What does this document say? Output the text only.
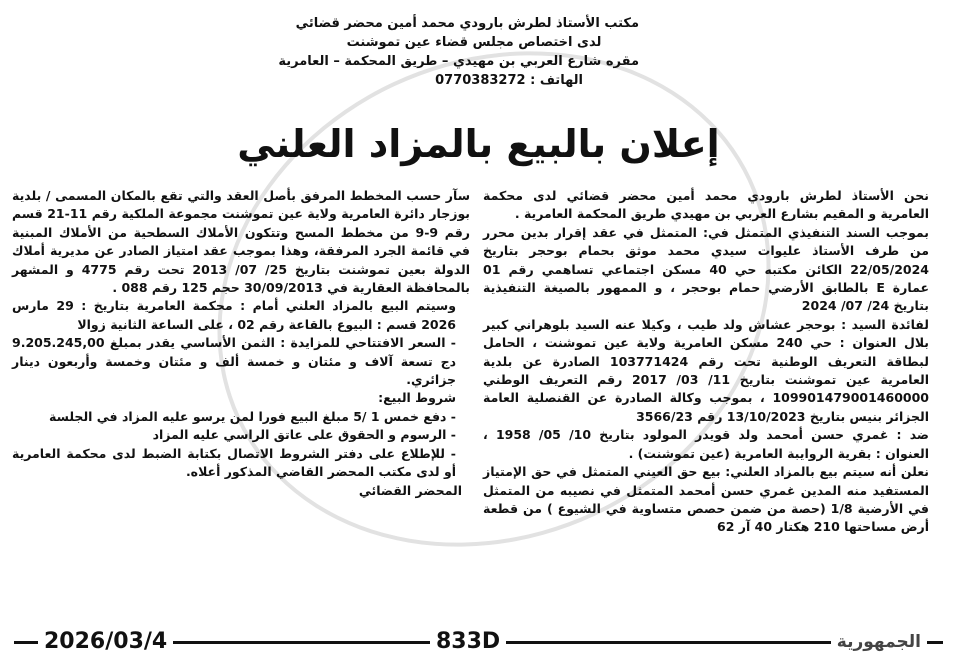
مكتب الأستاذ لطرش بارودي محمد أمين محضر قضائي
لدى اختصاص مجلس قضاء عين تموشنت
مقره شارع العربي بن مهيدي – طريق المحكمة – العامرية
الهاتف : 0770383272
إعلان بالبيع بالمزاد العلني

نحن الأستاذ لطرش بارودي محمد أمين محضر قضائي لدى محكمة العامرية و المقيم بشارع العربي بن مهيدي طريق المحكمة العامرية .

بموجب السند التنفيذي المتمثل في: المتمثل في عقد إقرار بدين محرر من طرف الأستاذ عليوات سيدي محمد موثق بحمام بوحجر بتاريخ 22/05/2024 الكائن مكتبه حي 40 مسكن اجتماعي تساهمي رقم 01 عمارة E بالطابق الأرضي حمام بوحجر ، و الممهور بالصيغة التنفيذية بتاريخ 24/ 07/ 2024

لفائدة السيد : بوحجر عشاش ولد طيب ، وكيلا عنه السيد بلوهراني كبير بلال العنوان : حي 240 مسكن العامرية ولاية عين تموشنت ، الحامل لبطاقة التعريف الوطنية تحت رقم 103771424 الصادرة عن بلدية العامرية عين تموشنت بتاريخ 11/ 03/ 2017 رقم التعريف الوطني 109901479001460000 ، بموجب وكالة الصادرة عن القنصلية العامة الجزائر بنيس بتاريخ 13/10/2023 رقم 3566/23

ضد : غمري حسن أمحمد ولد قويدر المولود بتاريخ 10/ 05/ 1958 ، العنوان : بقرية الروايبة العامرية (عين تموشنت) .

نعلن أنه سيتم بيع بالمزاد العلني: بيع حق العيني المتمثل في حق الإمتياز المستفيد منه المدين غمري حسن أمحمد المتمثل في نصيبه من المتمثل في الأرضية 1/8 (حصة من ضمن حصص متساوية في الشيوع ) من قطعة أرض مساحتها 210 هكتار 40 آر 62

سآر حسب المخطط المرفق بأصل العقد والتي تقع بالمكان المسمى / بلدية بوزجار دائرة العامرية ولاية عين تموشنت مجموعة الملكية رقم 11-21 قسم رقم 9-9 من مخطط المسح وتتكون الأملاك السطحية من الأملاك المبنية في قائمة الجرد المرفقة، وهذا بموجب عقد امتياز الصادر عن مديرية أملاك الدولة بعين تموشنت بتاريخ 25/ 07/ 2013 تحت رقم 4775 و المشهر بالمحافظة العقارية في 30/09/2013 حجم 125 رقم 088 .

وسيتم البيع بالمزاد العلني أمام : محكمة العامرية بتاريخ : 29 مارس 2026 قسم : البيوع بالقاعة رقم 02 ، على الساعة الثانية زوالا

- السعر الافتتاحي للمزايدة : الثمن الأساسي يقدر بمبلغ 9.205.245,00 دج تسعة آلاف و مئتان و خمسة ألف و مئتان وخمسة وأربعون دينار جزائري.

شروط البيع:

- دفع خمس 1 /5 مبلغ البيع فورا لمن يرسو عليه المزاد في الجلسة

- الرسوم و الحقوق على عاتق الراسي عليه المزاد

- للإطلاع على دفتر الشروط الاتصال بكتابة الضبط لدى محكمة العامرية أو لدى مكتب المحضر القاضي المذكور أعلاه.

المحضر القضائي

2026/03/4	833D	الجمهورية
